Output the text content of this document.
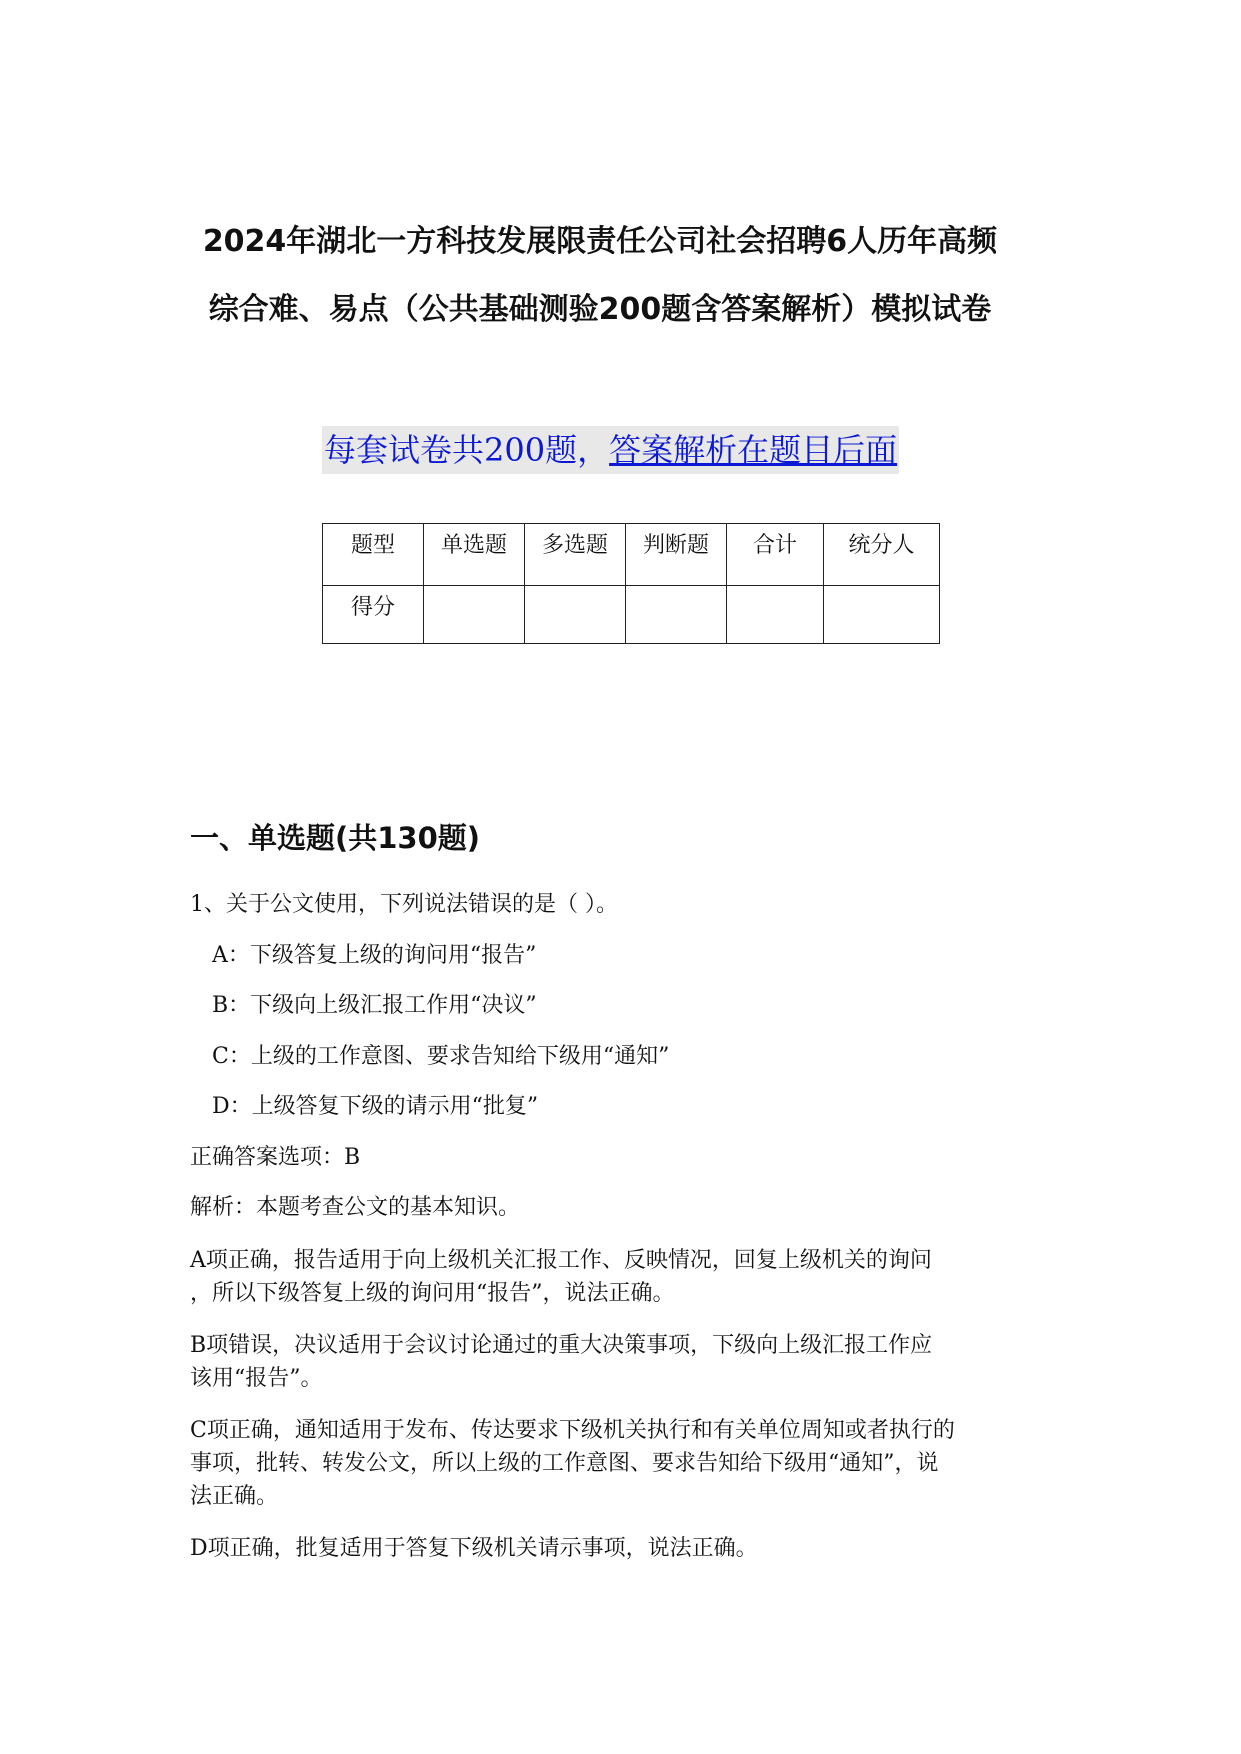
2024年湖北一方科技发展限责任公司社会招聘6人历年高频
综合难、易点（公共基础测验200题含答案解析）模拟试卷
每套试卷共200题，答案解析在题目后面
题型	单选题	多选题	判断题	合计	统分人
得分					
一、单选题(共130题)
1、关于公文使用，下列说法错误的是（ ）。
A：下级答复上级的询问用“报告”
B：下级向上级汇报工作用“决议”
C：上级的工作意图、要求告知给下级用“通知”
D：上级答复下级的请示用“批复”
正确答案选项：B
解析：本题考查公文的基本知识。
A项正确，报告适用于向上级机关汇报工作、反映情况，回复上级机关的询问
，所以下级答复上级的询问用“报告”，说法正确。
B项错误，决议适用于会议讨论通过的重大决策事项，下级向上级汇报工作应
该用“报告”。
C项正确，通知适用于发布、传达要求下级机关执行和有关单位周知或者执行的
事项，批转、转发公文，所以上级的工作意图、要求告知给下级用“通知”，说
法正确。
D项正确，批复适用于答复下级机关请示事项，说法正确。
